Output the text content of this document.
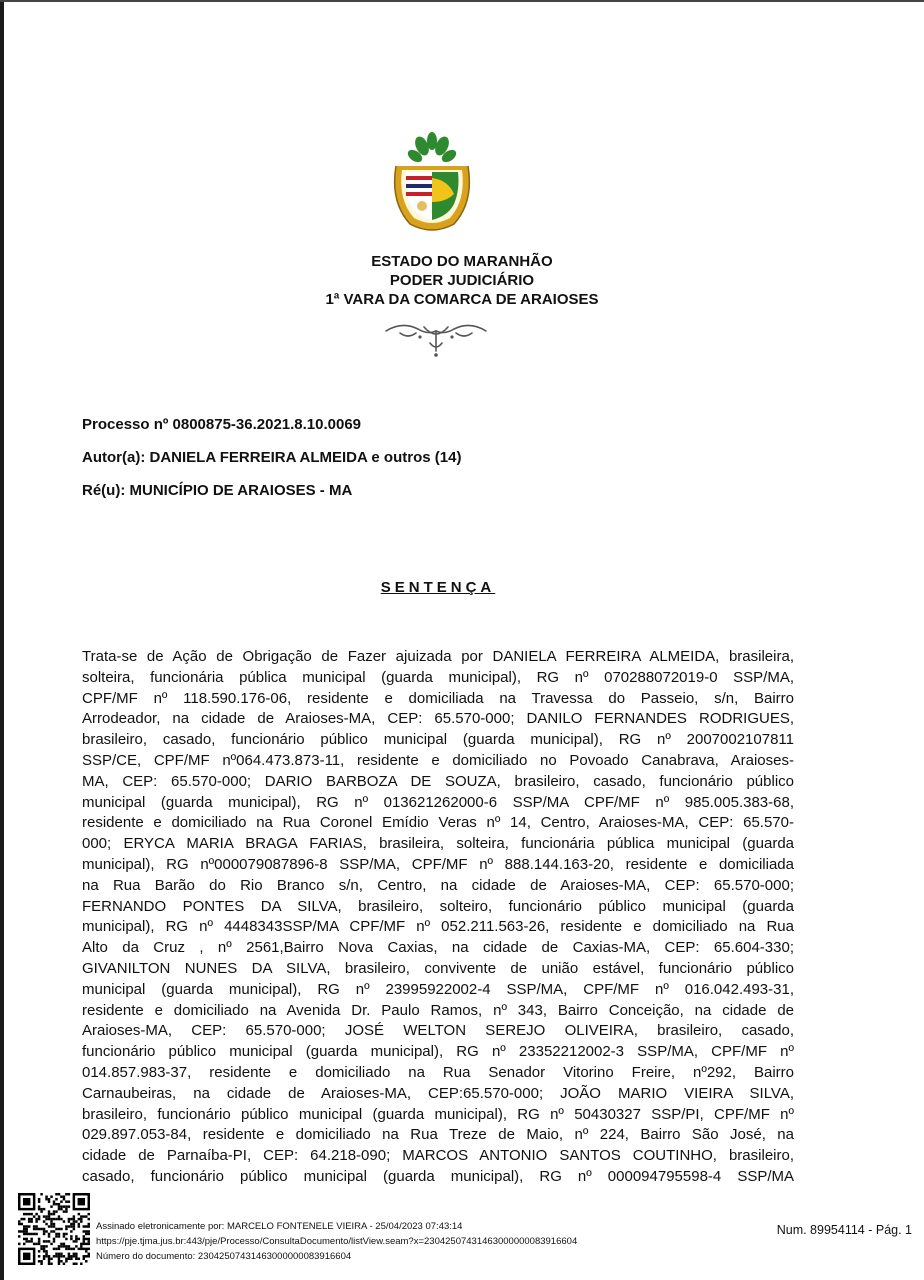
ESTADO DO MARANHÃO
PODER JUDICIÁRIO
1ª VARA DA COMARCA DE ARAIOSES
Processo nº 0800875-36.2021.8.10.0069
Autor(a): DANIELA FERREIRA ALMEIDA e outros (14)
Ré(u): MUNICÍPIO DE ARAIOSES - MA
SENTENÇA
Trata-se de Ação de Obrigação de Fazer ajuizada por DANIELA FERREIRA ALMEIDA, brasileira,
solteira, funcionária pública municipal (guarda municipal), RG nº 070288072019-0 SSP/MA,
CPF/MF nº 118.590.176-06, residente e domiciliada na Travessa do Passeio, s/n, Bairro
Arrodeador, na cidade de Araioses-MA, CEP: 65.570-000; DANILO FERNANDES RODRIGUES,
brasileiro, casado, funcionário público municipal (guarda municipal), RG nº 2007002107811
SSP/CE, CPF/MF nº064.473.873-11, residente e domiciliado no Povoado Canabrava, Araioses-
MA, CEP: 65.570-000; DARIO BARBOZA DE SOUZA, brasileiro, casado, funcionário público
municipal (guarda municipal), RG nº 013621262000-6 SSP/MA CPF/MF nº 985.005.383-68,
residente e domiciliado na Rua Coronel Emídio Veras nº 14, Centro, Araioses-MA, CEP: 65.570-
000; ERYCA MARIA BRAGA FARIAS, brasileira, solteira, funcionária pública municipal (guarda
municipal), RG nº000079087896-8 SSP/MA, CPF/MF nº 888.144.163-20, residente e domiciliada
na Rua Barão do Rio Branco s/n, Centro, na cidade de Araioses-MA, CEP: 65.570-000;
FERNANDO PONTES DA SILVA, brasileiro, solteiro, funcionário público municipal (guarda
municipal), RG nº 4448343SSP/MA CPF/MF nº 052.211.563-26, residente e domiciliado na Rua
Alto da Cruz , nº 2561,Bairro Nova Caxias, na cidade de Caxias-MA, CEP: 65.604-330;
GIVANILTON NUNES DA SILVA, brasileiro, convivente de união estável, funcionário público
municipal (guarda municipal), RG nº 23995922002-4 SSP/MA, CPF/MF nº 016.042.493-31,
residente e domiciliado na Avenida Dr. Paulo Ramos, nº 343, Bairro Conceição, na cidade de
Araioses-MA, CEP: 65.570-000; JOSÉ WELTON SEREJO OLIVEIRA, brasileiro, casado,
funcionário público municipal (guarda municipal), RG nº 23352212002-3 SSP/MA, CPF/MF nº
014.857.983-37, residente e domiciliado na Rua Senador Vitorino Freire, nº292, Bairro
Carnaubeiras, na cidade de Araioses-MA, CEP:65.570-000; JOÃO MARIO VIEIRA SILVA,
brasileiro, funcionário público municipal (guarda municipal), RG nº 50430327 SSP/PI, CPF/MF nº
029.897.053-84, residente e domiciliado na Rua Treze de Maio, nº 224, Bairro São José, na
cidade de Parnaíba-PI, CEP: 64.218-090; MARCOS ANTONIO SANTOS COUTINHO, brasileiro,
casado, funcionário público municipal (guarda municipal), RG nº 000094795598-4 SSP/MA
Assinado eletronicamente por: MARCELO FONTENELE VIEIRA - 25/04/2023 07:43:14
https://pje.tjma.jus.br:443/pje/Processo/ConsultaDocumento/listView.seam?x=23042507431463000000083916604
Número do documento: 23042507431463000000083916604
Num. 89954114 - Pág. 1
